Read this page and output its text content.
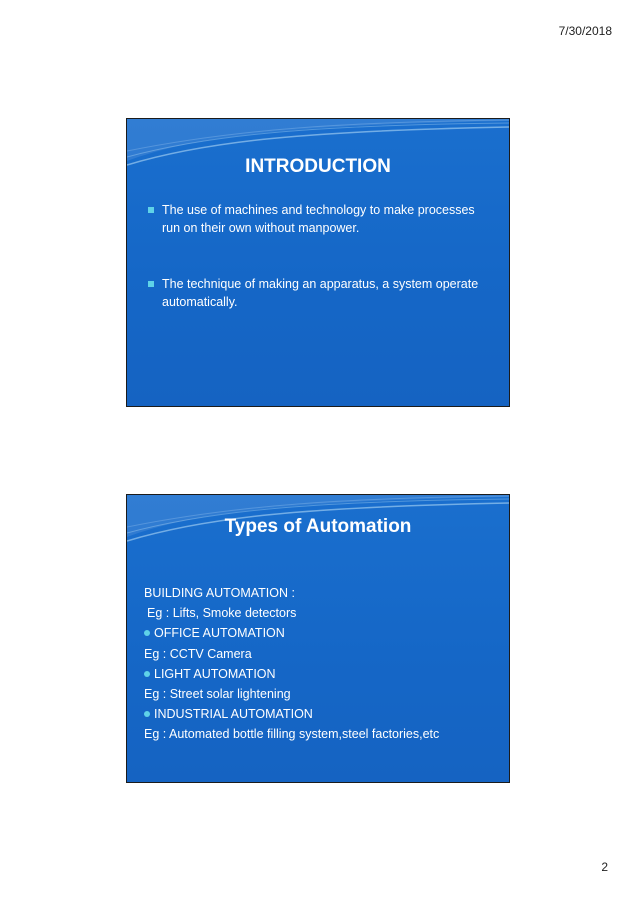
7/30/2018
INTRODUCTION
The use of machines and technology to make processes run on their own without manpower.
The technique of making an apparatus, a system operate automatically.
Types of Automation
BUILDING AUTOMATION :
Eg : Lifts, Smoke detectors
OFFICE AUTOMATION
Eg : CCTV Camera
LIGHT AUTOMATION
Eg : Street solar lightening
INDUSTRIAL AUTOMATION
Eg : Automated bottle filling system,steel factories,etc
2
